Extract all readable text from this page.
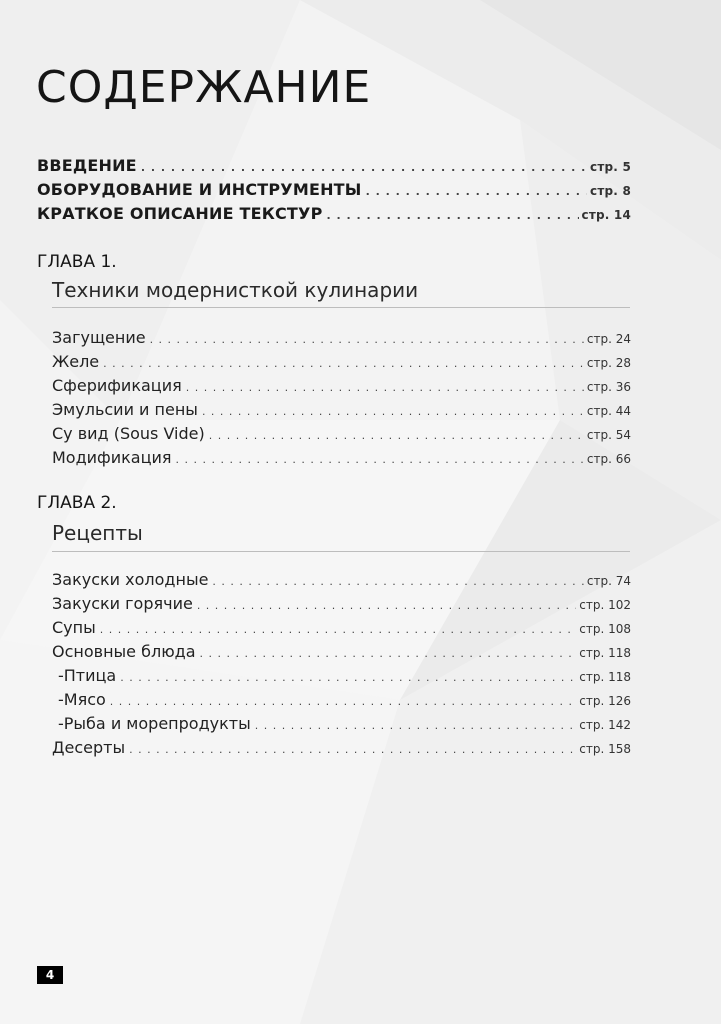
СОДЕРЖАНИЕ
ВВЕДЕНИЕ . . .	стр. 5
ОБОРУДОВАНИЕ И ИНСТРУМЕНТЫ . . .	стр. 8
КРАТКОЕ ОПИСАНИЕ ТЕКСТУР . . .	стр. 14
ГЛАВА 1.
Техники модернисткой кулинарии
Загущение . . .	стр. 24
Желе . . .	стр. 28
Сферификация . . .	стр. 36
Эмульсии и пены . . .	стр. 44
Су вид (Sous Vide) . . .	стр. 54
Модификация . . .	стр. 66
ГЛАВА 2.
Рецепты
Закуски холодные . . .	стр. 74
Закуски горячие . . .	стр. 102
Супы . . .	стр. 108
Основные блюда . . .	стр. 118
-Птица . . .	стр. 118
-Мясо . . .	стр. 126
-Рыба и морепродукты . . .	стр. 142
Десерты . . .	стр. 158
4
